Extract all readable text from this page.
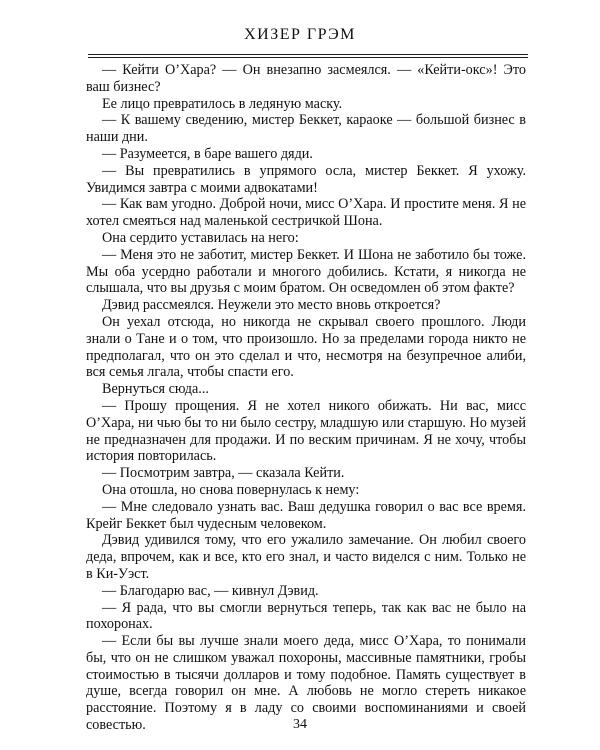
ХИЗЕР ГРЭМ

— Кейти О’Хара? — Он внезапно засмеялся. — «Кейти-окс»! Это ваш бизнес?

Ее лицо превратилось в ледяную маску.

— К вашему сведению, мистер Беккет, караоке — большой бизнес в наши дни.

— Разумеется, в баре вашего дяди.

— Вы превратились в упрямого осла, мистер Беккет. Я ухожу. Увидимся завтра с моими адвокатами!

— Как вам угодно. Доброй ночи, мисс О’Хара. И простите меня. Я не хотел смеяться над маленькой сестричкой Шона.

Она сердито уставилась на него:

— Меня это не заботит, мистер Беккет. И Шона не заботило бы тоже. Мы оба усердно работали и многого добились. Кстати, я никогда не слышала, что вы друзья с моим братом. Он осведомлен об этом факте?

Дэвид рассмеялся. Неужели это место вновь откроется?

Он уехал отсюда, но никогда не скрывал своего прошлого. Люди знали о Тане и о том, что произошло. Но за пределами города никто не предполагал, что он это сделал и что, несмотря на безупречное алиби, вся семья лгала, чтобы спасти его.

Вернуться сюда...

— Прошу прощения. Я не хотел никого обижать. Ни вас, мисс О’Хара, ни чью бы то ни было сестру, младшую или старшую. Но музей не предназначен для продажи. И по веским причинам. Я не хочу, чтобы история повторилась.

— Посмотрим завтра, — сказала Кейти.

Она отошла, но снова повернулась к нему:

— Мне следовало узнать вас. Ваш дедушка говорил о вас все время. Крейг Беккет был чудесным человеком.

Дэвид удивился тому, что его ужалило замечание. Он любил своего деда, впрочем, как и все, кто его знал, и часто виделся с ним. Только не в Ки-Уэст.

— Благодарю вас, — кивнул Дэвид.

— Я рада, что вы смогли вернуться теперь, так как вас не было на похоронах.

— Если бы вы лучше знали моего деда, мисс О’Хара, то понимали бы, что он не слишком уважал похороны, массивные памятники, гробы стоимостью в тысячи долларов и тому подобное. Память существует в душе, всегда говорил он мне. А любовь не могло стереть никакое расстояние. Поэтому я в ладу со своими воспоминаниями и своей совестью.	34
